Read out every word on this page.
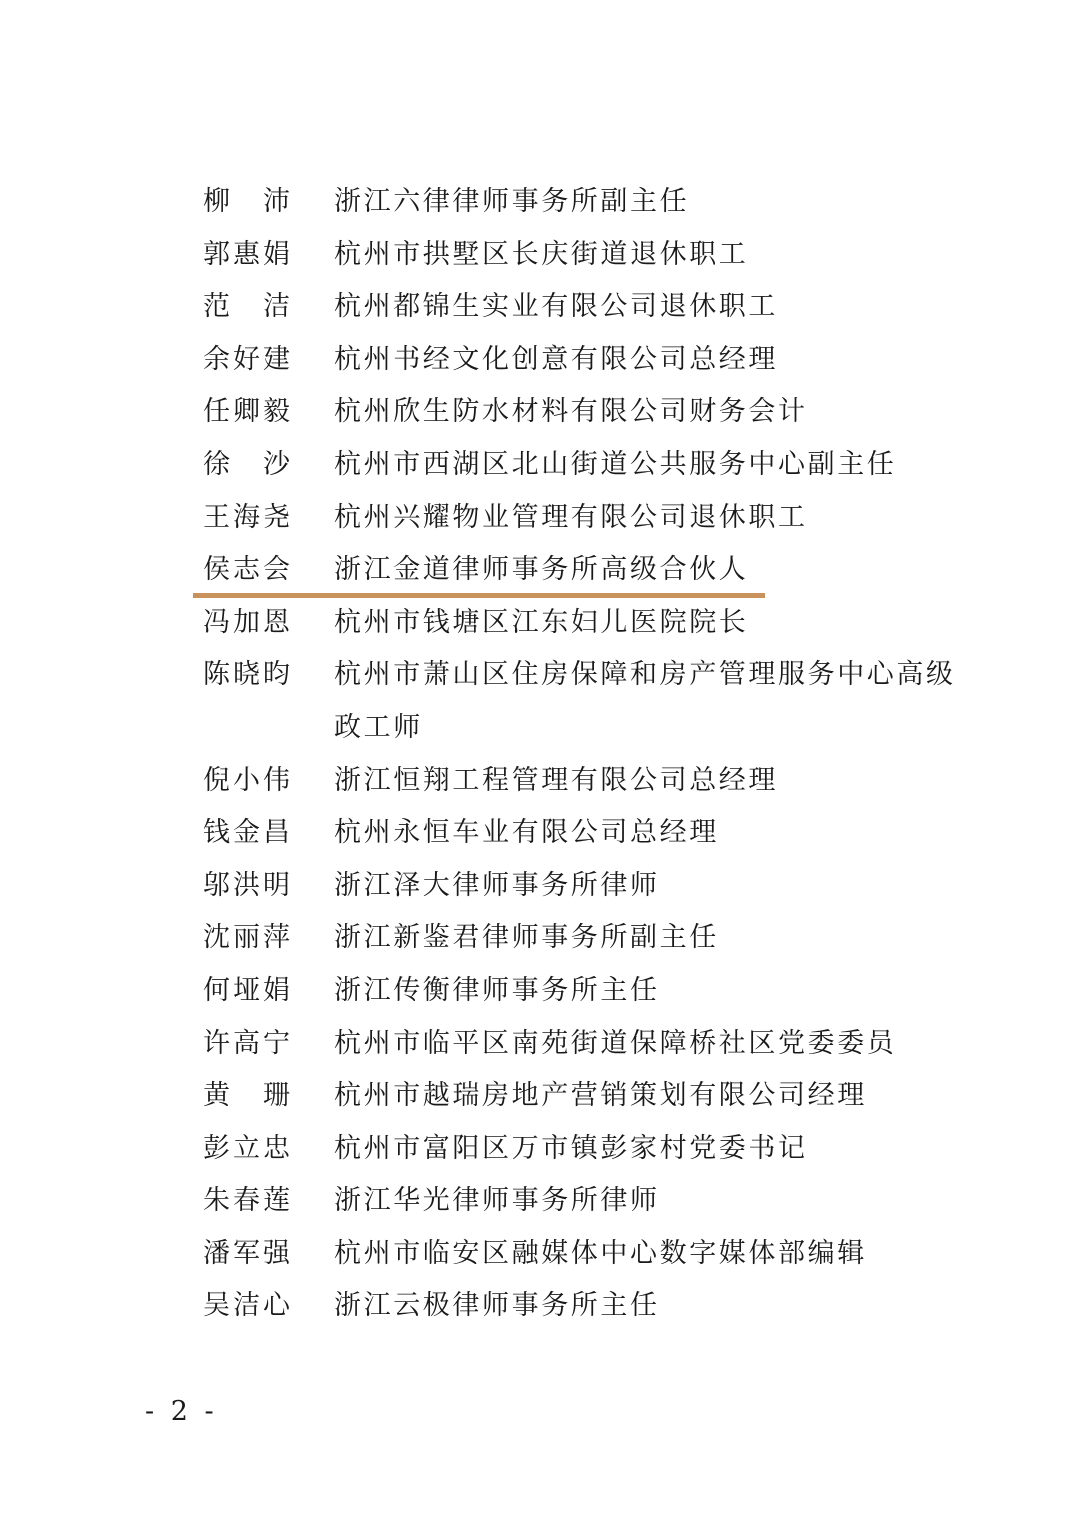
柳　沛	浙江六律律师事务所副主任
郭惠娟	杭州市拱墅区长庆街道退休职工
范　洁	杭州都锦生实业有限公司退休职工
余好建	杭州书经文化创意有限公司总经理
任卿毅	杭州欣生防水材料有限公司财务会计
徐　沙	杭州市西湖区北山街道公共服务中心副主任
王海尧	杭州兴耀物业管理有限公司退休职工
侯志会	浙江金道律师事务所高级合伙人
冯加恩	杭州市钱塘区江东妇儿医院院长
陈晓昀	杭州市萧山区住房保障和房产管理服务中心高级政工师
倪小伟	浙江恒翔工程管理有限公司总经理
钱金昌	杭州永恒车业有限公司总经理
邬洪明	浙江泽大律师事务所律师
沈丽萍	浙江新鉴君律师事务所副主任
何垭娟	浙江传衡律师事务所主任
许高宁	杭州市临平区南苑街道保障桥社区党委委员
黄　珊	杭州市越瑞房地产营销策划有限公司经理
彭立忠	杭州市富阳区万市镇彭家村党委书记
朱春莲	浙江华光律师事务所律师
潘军强	杭州市临安区融媒体中心数字媒体部编辑
吴洁心	浙江云极律师事务所主任
- 2 -
